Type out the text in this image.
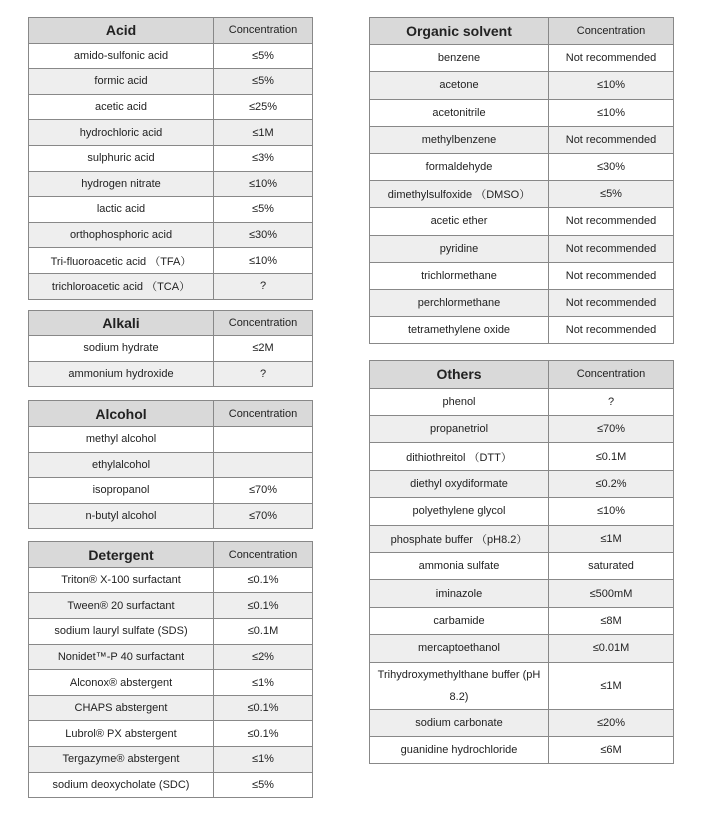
Acid	Concentration
amido-sulfonic acid	≤5%
formic acid	≤5%
acetic acid	≤25%
hydrochloric acid	≤1M
sulphuric acid	≤3%
hydrogen nitrate	≤10%
lactic acid	≤5%
orthophosphoric acid	≤30%
Tri-fluoroacetic acid （TFA）	≤10%
trichloroacetic acid （TCA）	?
Alkali	Concentration
sodium hydrate	≤2M
ammonium hydroxide	?
Alcohol	Concentration
methyl alcohol	
ethylalcohol	
isopropanol	≤70%
n-butyl alcohol	≤70%
Detergent	Concentration
Triton® X-100 surfactant	≤0.1%
Tween® 20 surfactant	≤0.1%
sodium lauryl sulfate (SDS)	≤0.1M
Nonidet™-P 40 surfactant	≤2%
Alconox® abstergent	≤1%
CHAPS abstergent	≤0.1%
Lubrol® PX abstergent	≤0.1%
Tergazyme® abstergent	≤1%
sodium deoxycholate (SDC)	≤5%
Organic solvent	Concentration
benzene	Not recommended
acetone	≤10%
acetonitrile	≤10%
methylbenzene	Not recommended
formaldehyde	≤30%
dimethylsulfoxide （DMSO）	≤5%
acetic ether	Not recommended
pyridine	Not recommended
trichlormethane	Not recommended
perchlormethane	Not recommended
tetramethylene oxide	Not recommended
Others	Concentration
phenol	?
propanetriol	≤70%
dithiothreitol （DTT）	≤0.1M
diethyl oxydiformate	≤0.2%
polyethylene glycol	≤10%
phosphate buffer （pH8.2）	≤1M
ammonia sulfate	saturated
iminazole	≤500mM
carbamide	≤8M
mercaptoethanol	≤0.01M
Trihydroxymethylthane buffer (pH 8.2)	≤1M
sodium carbonate	≤20%
guanidine hydrochloride	≤6M
